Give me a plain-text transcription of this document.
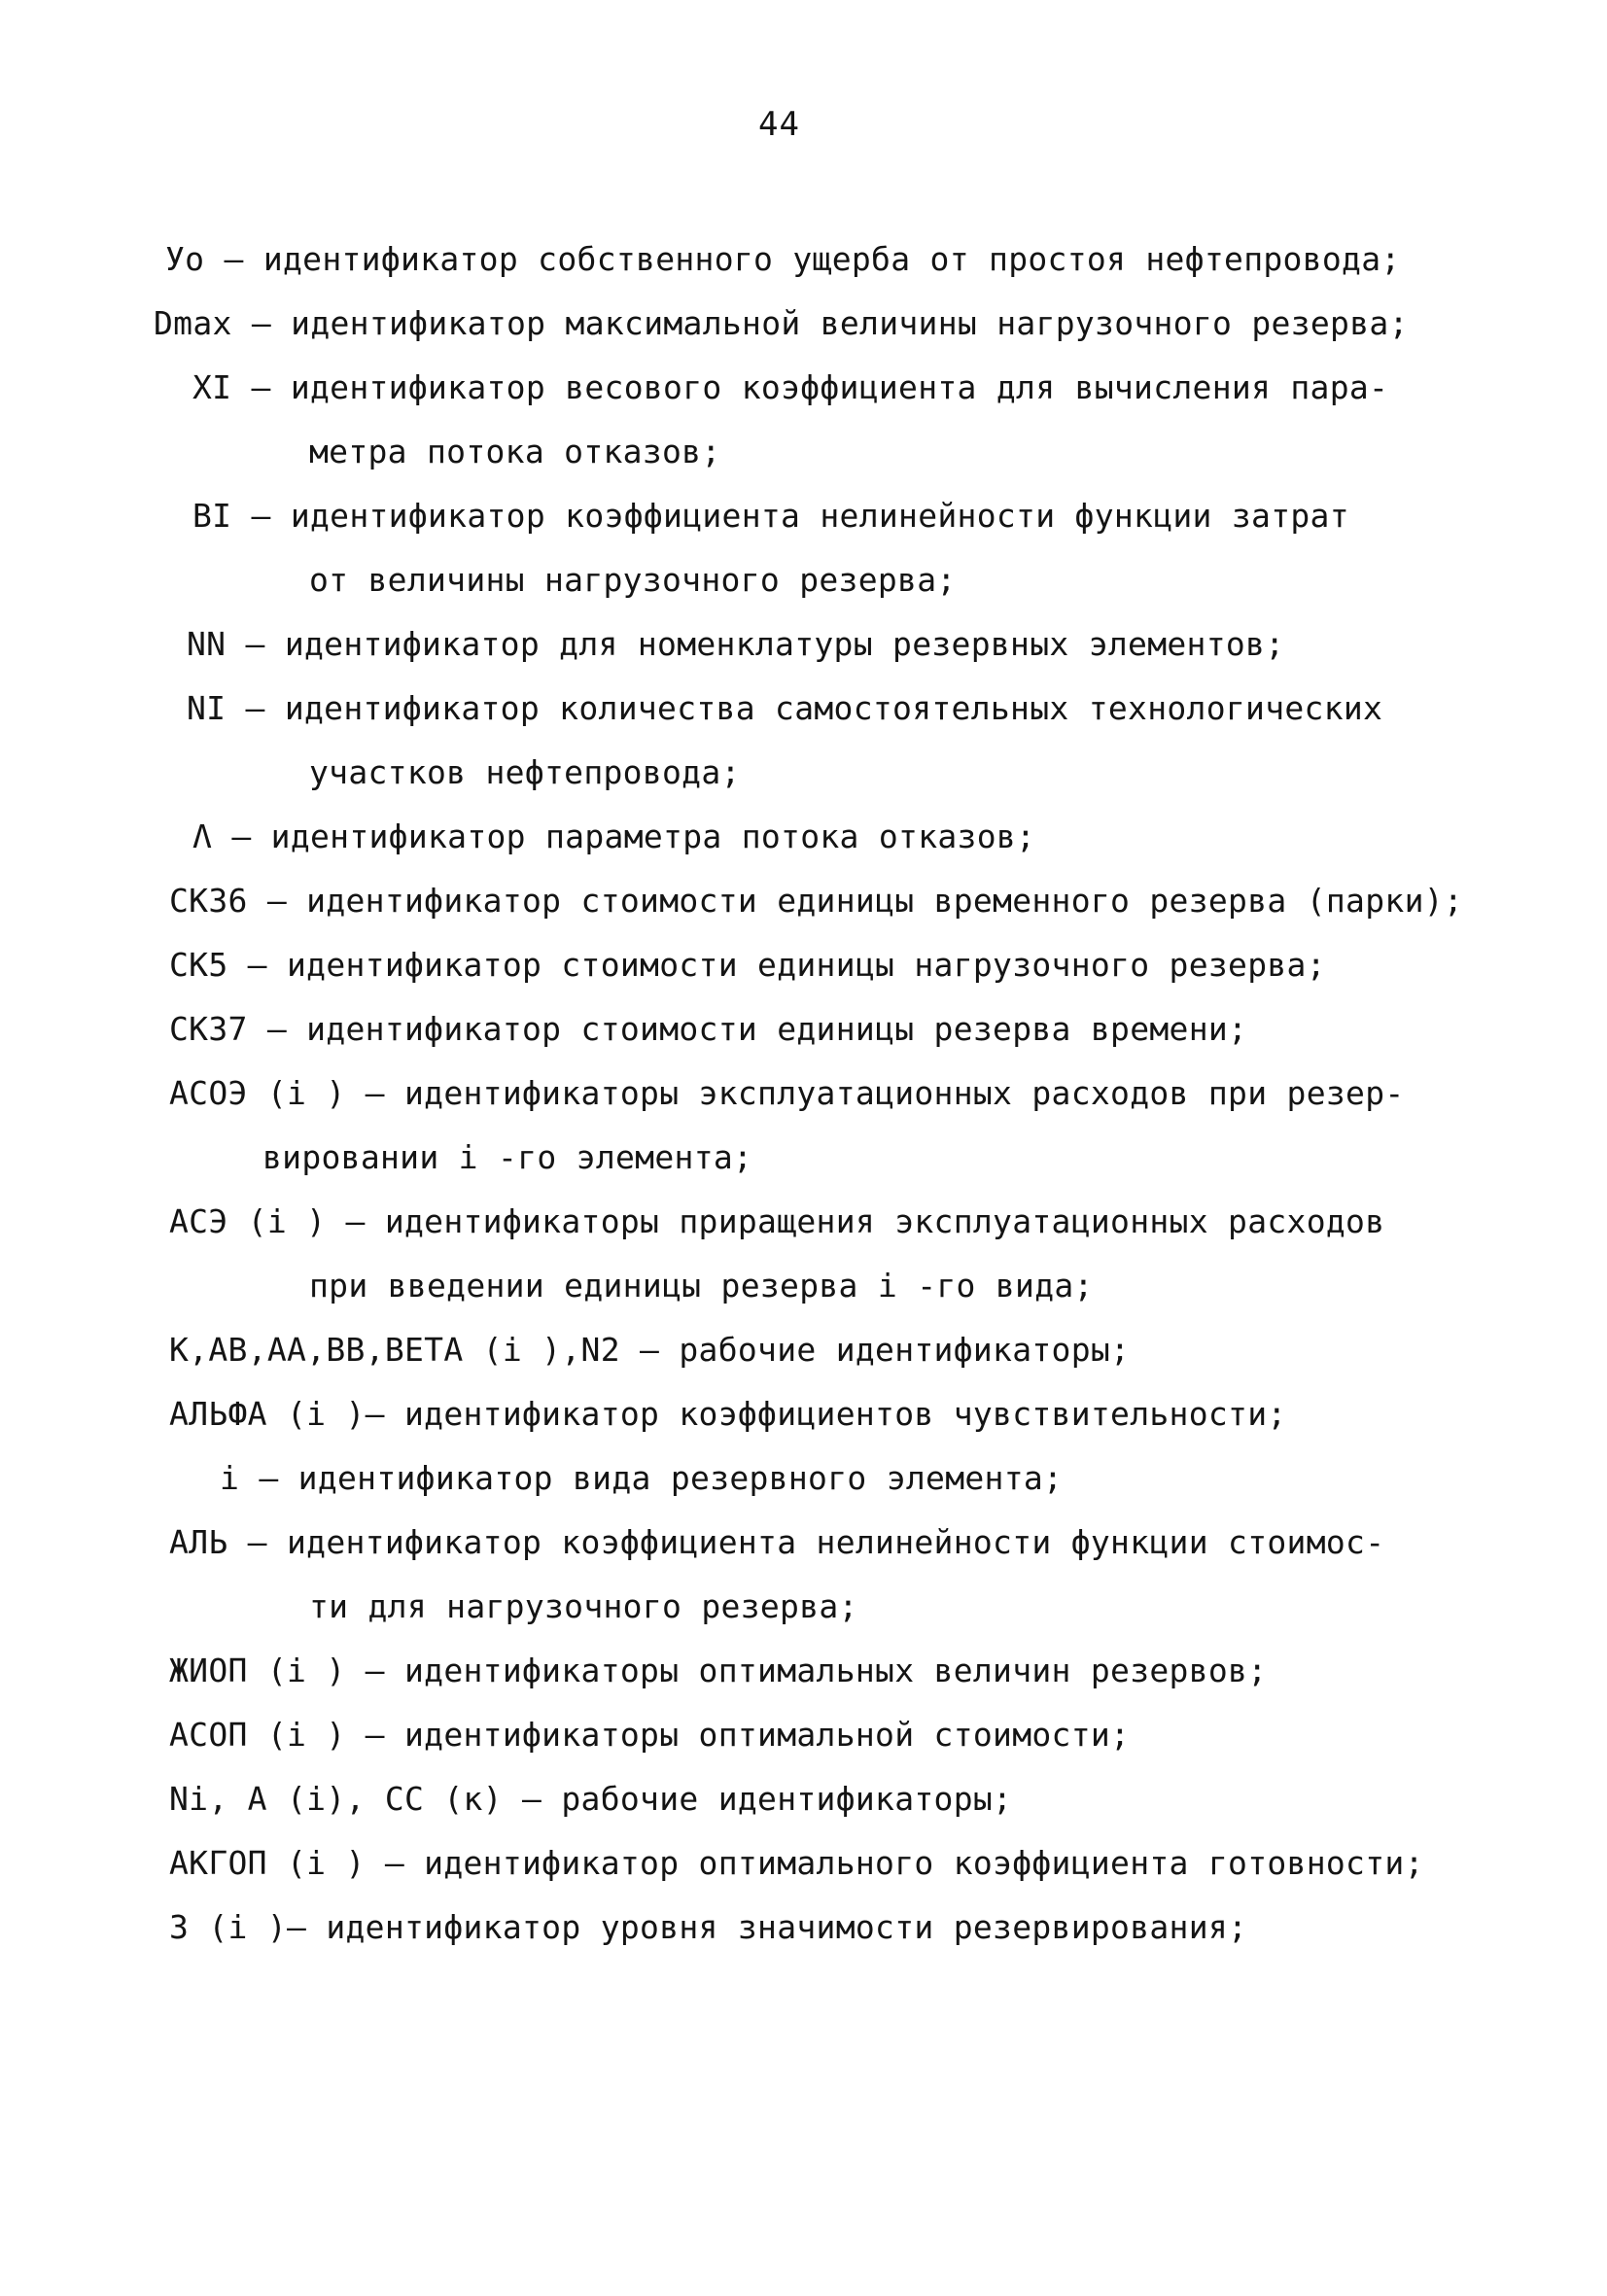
44
Уо – идентификатор собственного ущерба от простоя нефтепровода;
Dmax – идентификатор максимальной величины нагрузочного резерва;
ХI – идентификатор весового коэффициента для вычисления пара-
метра потока отказов;
ВI – идентификатор коэффициента нелинейности функции затрат
от величины нагрузочного резерва;
NN – идентификатор для номенклатуры резервных элементов;
NI – идентификатор количества самостоятельных технологических
участков нефтепровода;
Λ – идентификатор параметра потока отказов;
СК36 – идентификатор стоимости единицы временного резерва (парки);
СК5 – идентификатор стоимости единицы нагрузочного резерва;
СК37 – идентификатор стоимости единицы резерва времени;
АСОЭ (i ) – идентификаторы эксплуатационных расходов при резер-
вировании i -го элемента;
АСЭ (i ) – идентификаторы приращения эксплуатационных расходов
при введении единицы резерва i -го вида;
К,АВ,АА,ВВ,ВЕТА (i ),N2 – рабочие идентификаторы;
АЛЬФА (i )– идентификатор коэффициентов чувствительности;
i – идентификатор вида резервного элемента;
АЛЬ – идентификатор коэффициента нелинейности функции стоимос-
ти для нагрузочного резерва;
ЖИОП (i ) – идентификаторы оптимальных величин резервов;
АСОП (i ) – идентификаторы оптимальной стоимости;
Ni, А (i), СС (к) – рабочие идентификаторы;
АКГОП (i ) – идентификатор оптимального коэффициента готовности;
З (i )– идентификатор уровня значимости резервирования;
